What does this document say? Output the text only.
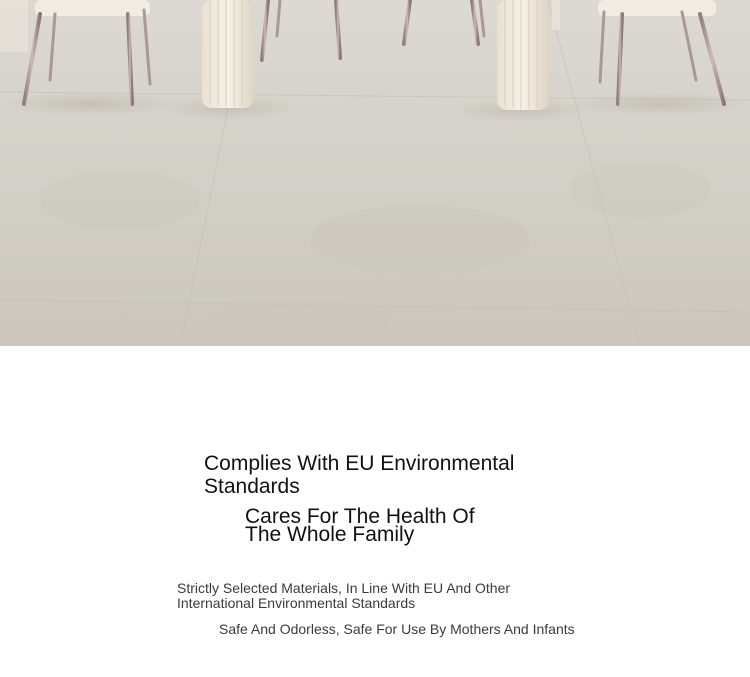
Complies With EU Environmental Standards
Cares For The Health Of The Whole Family

Strictly Selected Materials, In Line With EU And Other International Environmental Standards

Safe And Odorless, Safe For Use By Mothers And Infants
